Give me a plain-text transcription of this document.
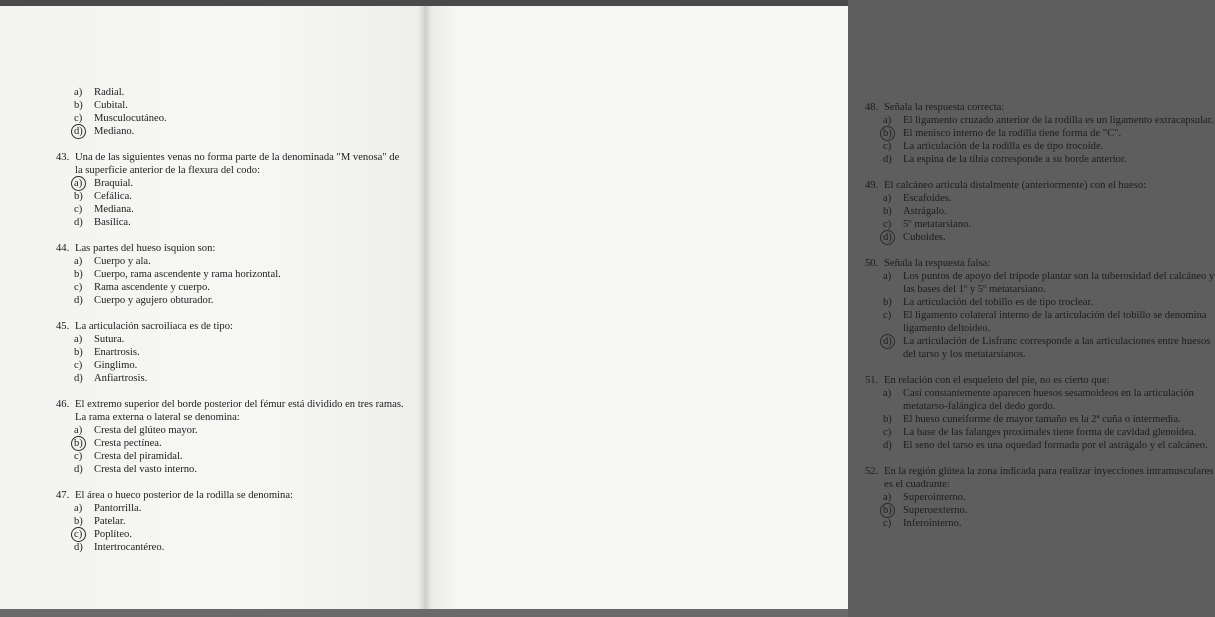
a)	Radial.
b)	Cubital.
c)	Musculocutáneo.
d)	Mediano.
43. Una de las siguientes venas no forma parte de la denominada "M venosa" de la superficie anterior de la flexura del codo:
a)	Braquial.
b)	Cefálica.
c)	Mediana.
d)	Basílica.
44. Las partes del hueso isquion son:
a)	Cuerpo y ala.
b)	Cuerpo, rama ascendente y rama horizontal.
c)	Rama ascendente y cuerpo.
d)	Cuerpo y agujero obturador.
45. La articulación sacroiliaca es de tipo:
a)	Sutura.
b)	Enartrosis.
c)	Ginglimo.
d)	Anfiartrosis.
46. El extremo superior del borde posterior del fémur está dividido en tres ramas. La rama externa o lateral se denomina:
a)	Cresta del glúteo mayor.
b)	Cresta pectínea.
c)	Cresta del piramidal.
d)	Cresta del vasto interno.
47. El área o hueco posterior de la rodilla se denomina:
a)	Pantorrilla.
b)	Patelar.
c)	Poplíteo.
d)	Intertrocantéreo.
48. Señala la respuesta correcta:
a)	El ligamento cruzado anterior de la rodilla es un ligamento extracapsular.
b)	El menisco interno de la rodilla tiene forma de "C".
c)	La articulación de la rodilla es de tipo trocoide.
d)	La espina de la tibia corresponde a su borde anterior.
49. El calcáneo articula distalmente (anteriormente) con el hueso:
a)	Escafoides.
b)	Astrágalo.
c)	5º metatarsiano.
d)	Cuboides.
50. Señala la respuesta falsa:
a)	Los puntos de apoyo del trípode plantar son la tuberosidad del calcáneo y las bases del 1º y 5º metatarsiano.
b)	La articulación del tobillo es de tipo troclear.
c)	El ligamento colateral interno de la articulación del tobillo se denomina ligamento deltoideo.
d)	La articulación de Lisfranc corresponde a las articulaciones entre huesos del tarso y los metatarsianos.
51. En relación con el esqueleto del pie, no es cierto que:
a)	Casi constantemente aparecen huesos sesamoideos en la articulación metatarso-falángica del dedo gordo.
b)	El hueso cuneiforme de mayor tamaño es la 2ª cuña o intermedia.
c)	La base de las falanges proximales tiene forma de cavidad glenoidea.
d)	El seno del tarso es una oquedad formada por el astrágalo y el calcáneo.
52. En la región glútea la zona indicada para realizar inyecciones intramusculares es el cuadrante:
a)	Superointerno.
b)	Superoexterno.
c)	Inferointerno.
